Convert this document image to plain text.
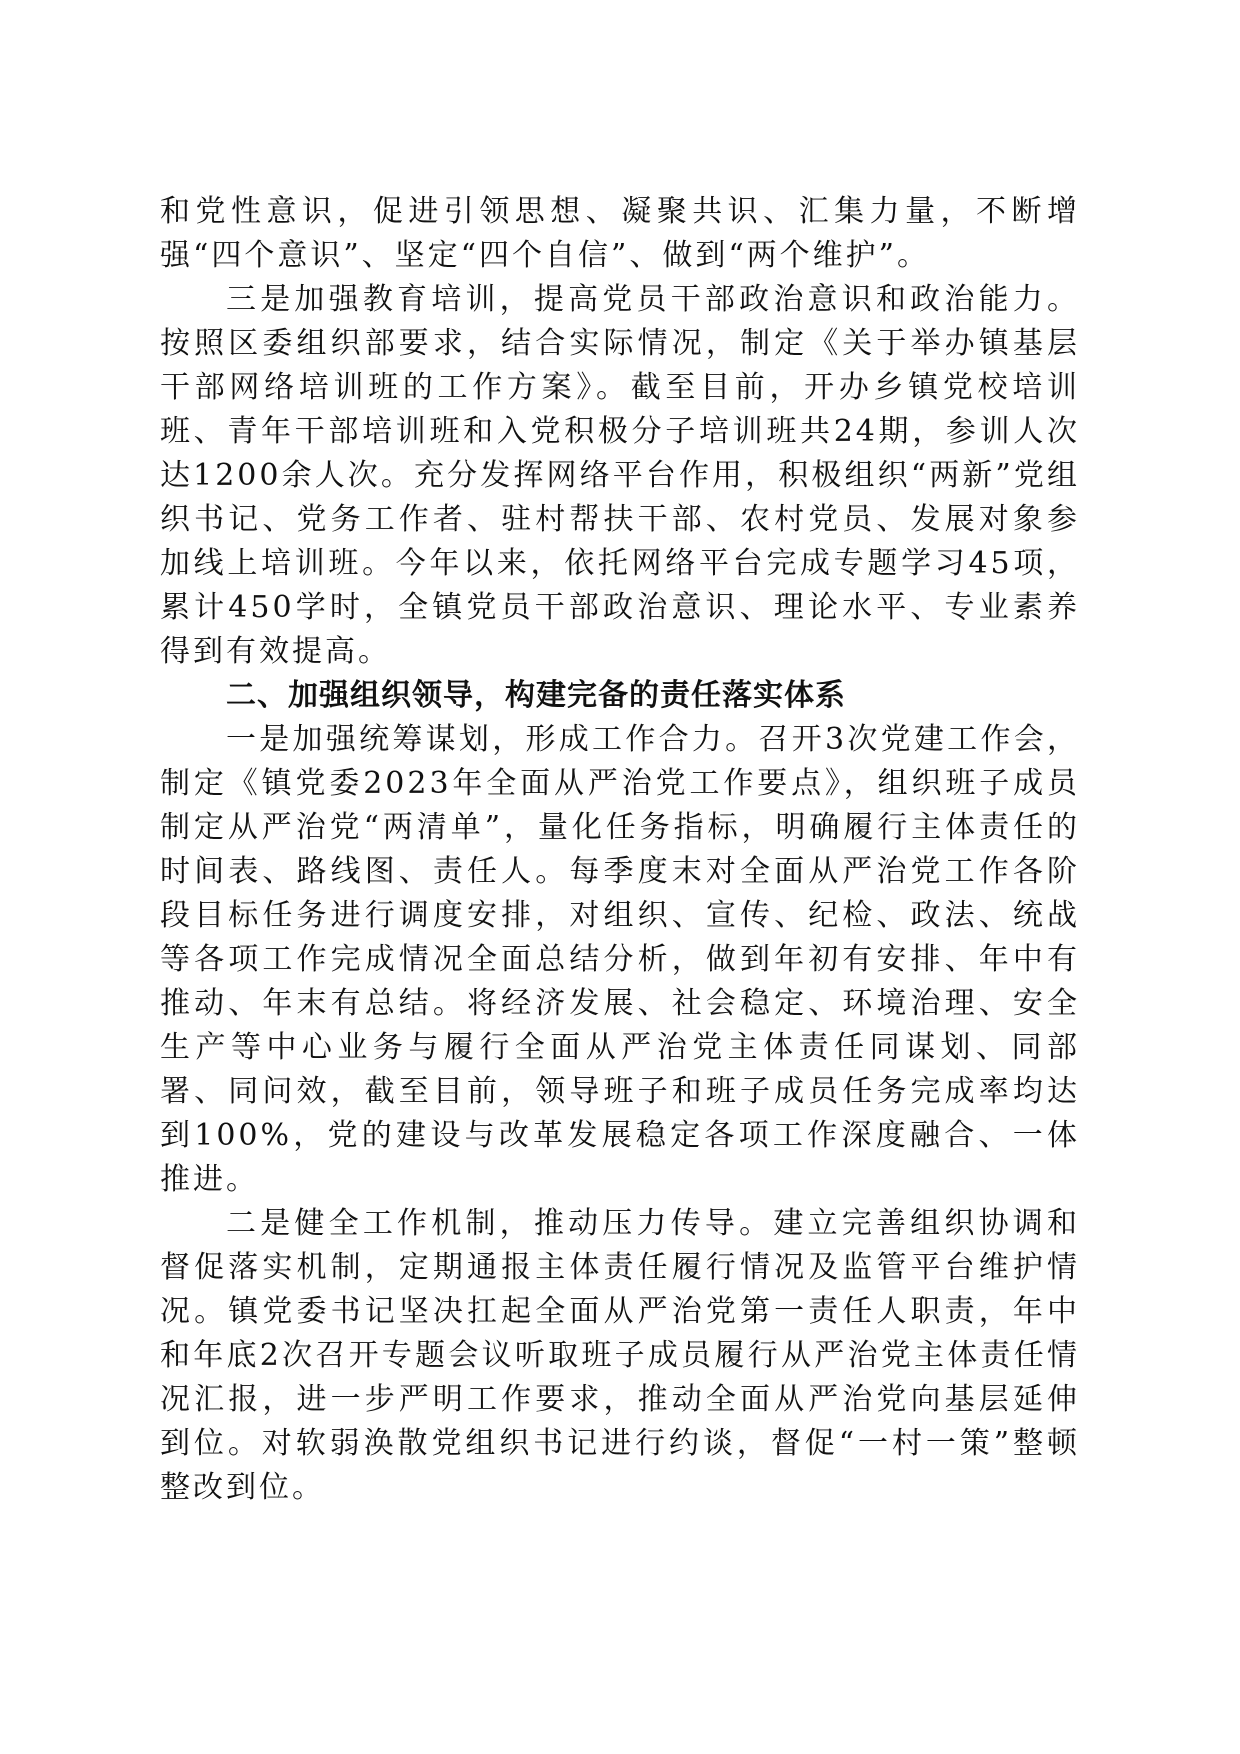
和党性意识，促进引领思想、凝聚共识、汇集力量，不断增强“四个意识”、坚定“四个自信”、做到“两个维护”。

三是加强教育培训，提高党员干部政治意识和政治能力。按照区委组织部要求，结合实际情况，制定《关于举办镇基层干部网络培训班的工作方案》。截至目前，开办乡镇党校培训班、青年干部培训班和入党积极分子培训班共24期，参训人次达1200余人次。充分发挥网络平台作用，积极组织“两新”党组织书记、党务工作者、驻村帮扶干部、农村党员、发展对象参加线上培训班。今年以来，依托网络平台完成专题学习45项，累计450学时，全镇党员干部政治意识、理论水平、专业素养得到有效提高。

二、加强组织领导，构建完备的责任落实体系

一是加强统筹谋划，形成工作合力。召开3次党建工作会，制定《镇党委2023年全面从严治党工作要点》，组织班子成员制定从严治党“两清单”，量化任务指标，明确履行主体责任的时间表、路线图、责任人。每季度末对全面从严治党工作各阶段目标任务进行调度安排，对组织、宣传、纪检、政法、统战等各项工作完成情况全面总结分析，做到年初有安排、年中有推动、年末有总结。将经济发展、社会稳定、环境治理、安全生产等中心业务与履行全面从严治党主体责任同谋划、同部署、同问效，截至目前，领导班子和班子成员任务完成率均达到100%，党的建设与改革发展稳定各项工作深度融合、一体推进。

二是健全工作机制，推动压力传导。建立完善组织协调和督促落实机制，定期通报主体责任履行情况及监管平台维护情况。镇党委书记坚决扛起全面从严治党第一责任人职责，年中和年底2次召开专题会议听取班子成员履行从严治党主体责任情况汇报，进一步严明工作要求，推动全面从严治党向基层延伸到位。对软弱涣散党组织书记进行约谈，督促“一村一策”整顿整改到位。
